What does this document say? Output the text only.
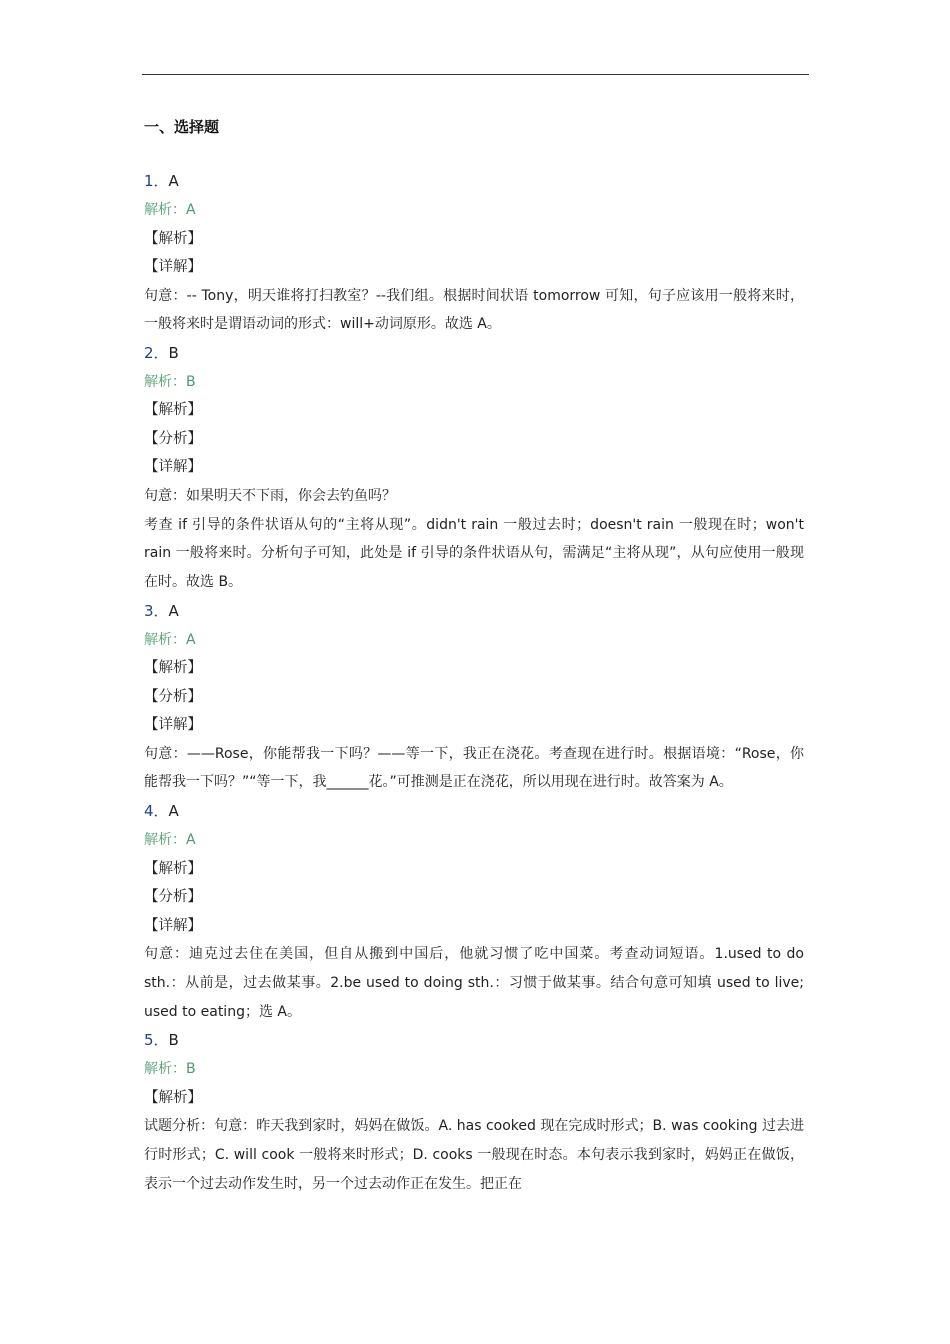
一、选择题
1．A
解析：A
【解析】
【详解】
句意：-- Tony，明天谁将打扫教室？--我们组。根据时间状语 tomorrow 可知，句子应该用一般将来时，一般将来时是谓语动词的形式：will+动词原形。故选 A。
2．B
解析：B
【解析】
【分析】
【详解】
句意：如果明天不下雨，你会去钓鱼吗？
考查 if 引导的条件状语从句的“主将从现”。didn't rain 一般过去时；doesn't rain 一般现在时；won't rain 一般将来时。分析句子可知，此处是 if 引导的条件状语从句，需满足“主将从现”，从句应使用一般现在时。故选 B。
3．A
解析：A
【解析】
【分析】
【详解】
句意：——Rose，你能帮我一下吗？——等一下，我正在浇花。考查现在进行时。根据语境：“Rose，你能帮我一下吗？”“等一下，我______花。”可推测是正在浇花，所以用现在进行时。故答案为 A。
4．A
解析：A
【解析】
【分析】
【详解】
句意：迪克过去住在美国，但自从搬到中国后，他就习惯了吃中国菜。考查动词短语。1.used to do sth.：从前是，过去做某事。2.be used to doing sth.：习惯于做某事。结合句意可知填 used to live; used to eating；选 A。
5．B
解析：B
【解析】
试题分析：句意：昨天我到家时，妈妈在做饭。A. has cooked 现在完成时形式；B. was cooking 过去进行时形式；C. will cook 一般将来时形式；D. cooks 一般现在时态。本句表示我到家时，妈妈正在做饭，表示一个过去动作发生时，另一个过去动作正在发生。把正在
